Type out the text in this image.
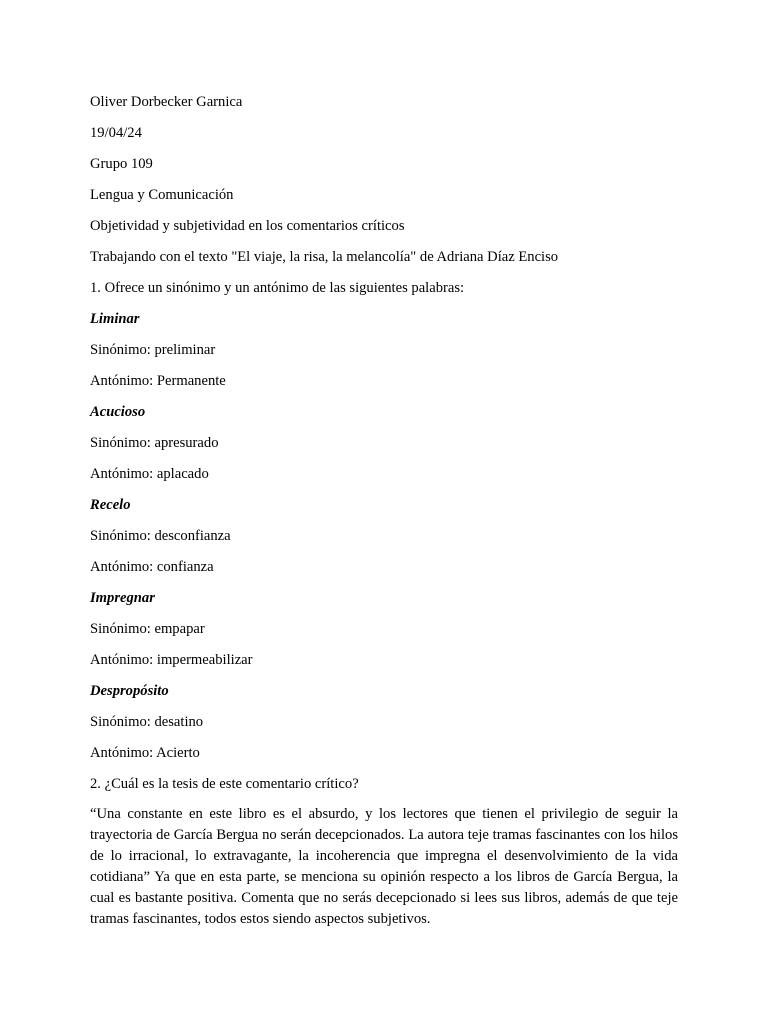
Oliver Dorbecker Garnica
19/04/24
Grupo 109
Lengua y Comunicación
Objetividad y subjetividad en los comentarios críticos
Trabajando con el texto "El viaje, la risa, la melancolía" de Adriana Díaz Enciso
1. Ofrece un sinónimo y un antónimo de las siguientes palabras:
Liminar
Sinónimo: preliminar
Antónimo: Permanente
Acucioso
Sinónimo: apresurado
Antónimo: aplacado
Recelo
Sinónimo: desconfianza
Antónimo: confianza
Impregnar
Sinónimo: empapar
Antónimo: impermeabilizar
Despropósito
Sinónimo: desatino
Antónimo: Acierto
2. ¿Cuál es la tesis de este comentario crítico?

“Una constante en este libro es el absurdo, y los lectores que tienen el privilegio de seguir la trayectoria de García Bergua no serán decepcionados. La autora teje tramas fascinantes con los hilos de lo irracional, lo extravagante, la incoherencia que impregna el desenvolvimiento de la vida cotidiana” Ya que en esta parte, se menciona su opinión respecto a los libros de García Bergua, la cual es bastante positiva. Comenta que no serás decepcionado si lees sus libros, además de que teje tramas fascinantes, todos estos siendo aspectos subjetivos.
